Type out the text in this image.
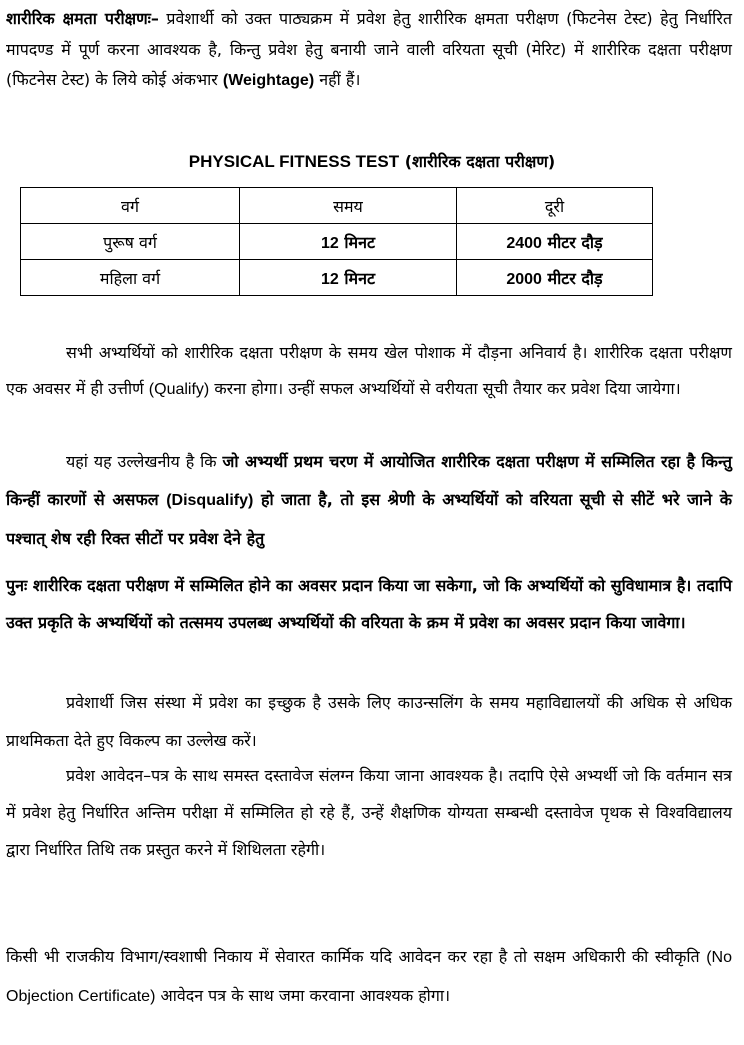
शारीरिक क्षमता परीक्षणः– प्रवेशार्थी को उक्त पाठ्यक्रम में प्रवेश हेतु शारीरिक क्षमता परीक्षण (फिटनेस टेस्ट) हेतु निर्धारित मापदण्ड में पूर्ण करना आवश्यक है, किन्तु प्रवेश हेतु बनायी जाने वाली वरियता सूची (मेरिट) में शारीरिक दक्षता परीक्षण (फिटनेस टेस्ट) के लिये कोई अंकभार (Weightage) नहीं हैं।

PHYSICAL FITNESS TEST (शारीरिक दक्षता परीक्षण)

वर्ग	समय	दूरी
पुरूष वर्ग	12 मिनट	2400 मीटर दौड़
महिला वर्ग	12 मिनट	2000 मीटर दौड़

सभी अभ्यर्थियों को शारीरिक दक्षता परीक्षण के समय खेल पोशाक में दौड़ना अनिवार्य है। शारीरिक दक्षता परीक्षण एक अवसर में ही उत्तीर्ण (Qualify) करना होगा। उन्हीं सफल अभ्यर्थियों से वरीयता सूची तैयार कर प्रवेश दिया जायेगा।

यहां यह उल्लेखनीय है कि जो अभ्यर्थी प्रथम चरण में आयोजित शारीरिक दक्षता परीक्षण में सम्मिलित रहा है किन्तु किन्हीं कारणों से असफल (Disqualify) हो जाता है, तो इस श्रेणी के अभ्यर्थियों को वरियता सूची से सीटें भरे जाने के पश्चात् शेष रही रिक्त सीटों पर प्रवेश देने हेतु

पुनः शारीरिक दक्षता परीक्षण में सम्मिलित होने का अवसर प्रदान किया जा सकेगा, जो कि अभ्यर्थियों को सुविधामात्र है। तदापि उक्त प्रकृति के अभ्यर्थियों को तत्समय उपलब्ध अभ्यर्थियों की वरियता के क्रम में प्रवेश का अवसर प्रदान किया जावेगा।

प्रवेशार्थी जिस संस्था में प्रवेश का इच्छुक है उसके लिए काउन्सलिंग के समय महाविद्यालयों की अधिक से अधिक प्राथमिकता देते हुए विकल्प का उल्लेख करें।

प्रवेश आवेदन–पत्र के साथ समस्त दस्तावेज संलग्न किया जाना आवश्यक है। तदापि ऐसे अभ्यर्थी जो कि वर्तमान सत्र में प्रवेश हेतु निर्धारित अन्तिम परीक्षा में सम्मिलित हो रहे हैं, उन्हें शैक्षणिक योग्यता सम्बन्धी दस्तावेज पृथक से विश्वविद्यालय द्वारा निर्धारित तिथि तक प्रस्तुत करने में शिथिलता रहेगी।

किसी भी राजकीय विभाग/स्वशाषी निकाय में सेवारत कार्मिक यदि आवेदन कर रहा है तो सक्षम अधिकारी की स्वीकृति (No Objection Certificate) आवेदन पत्र के साथ जमा करवाना आवश्यक होगा।
